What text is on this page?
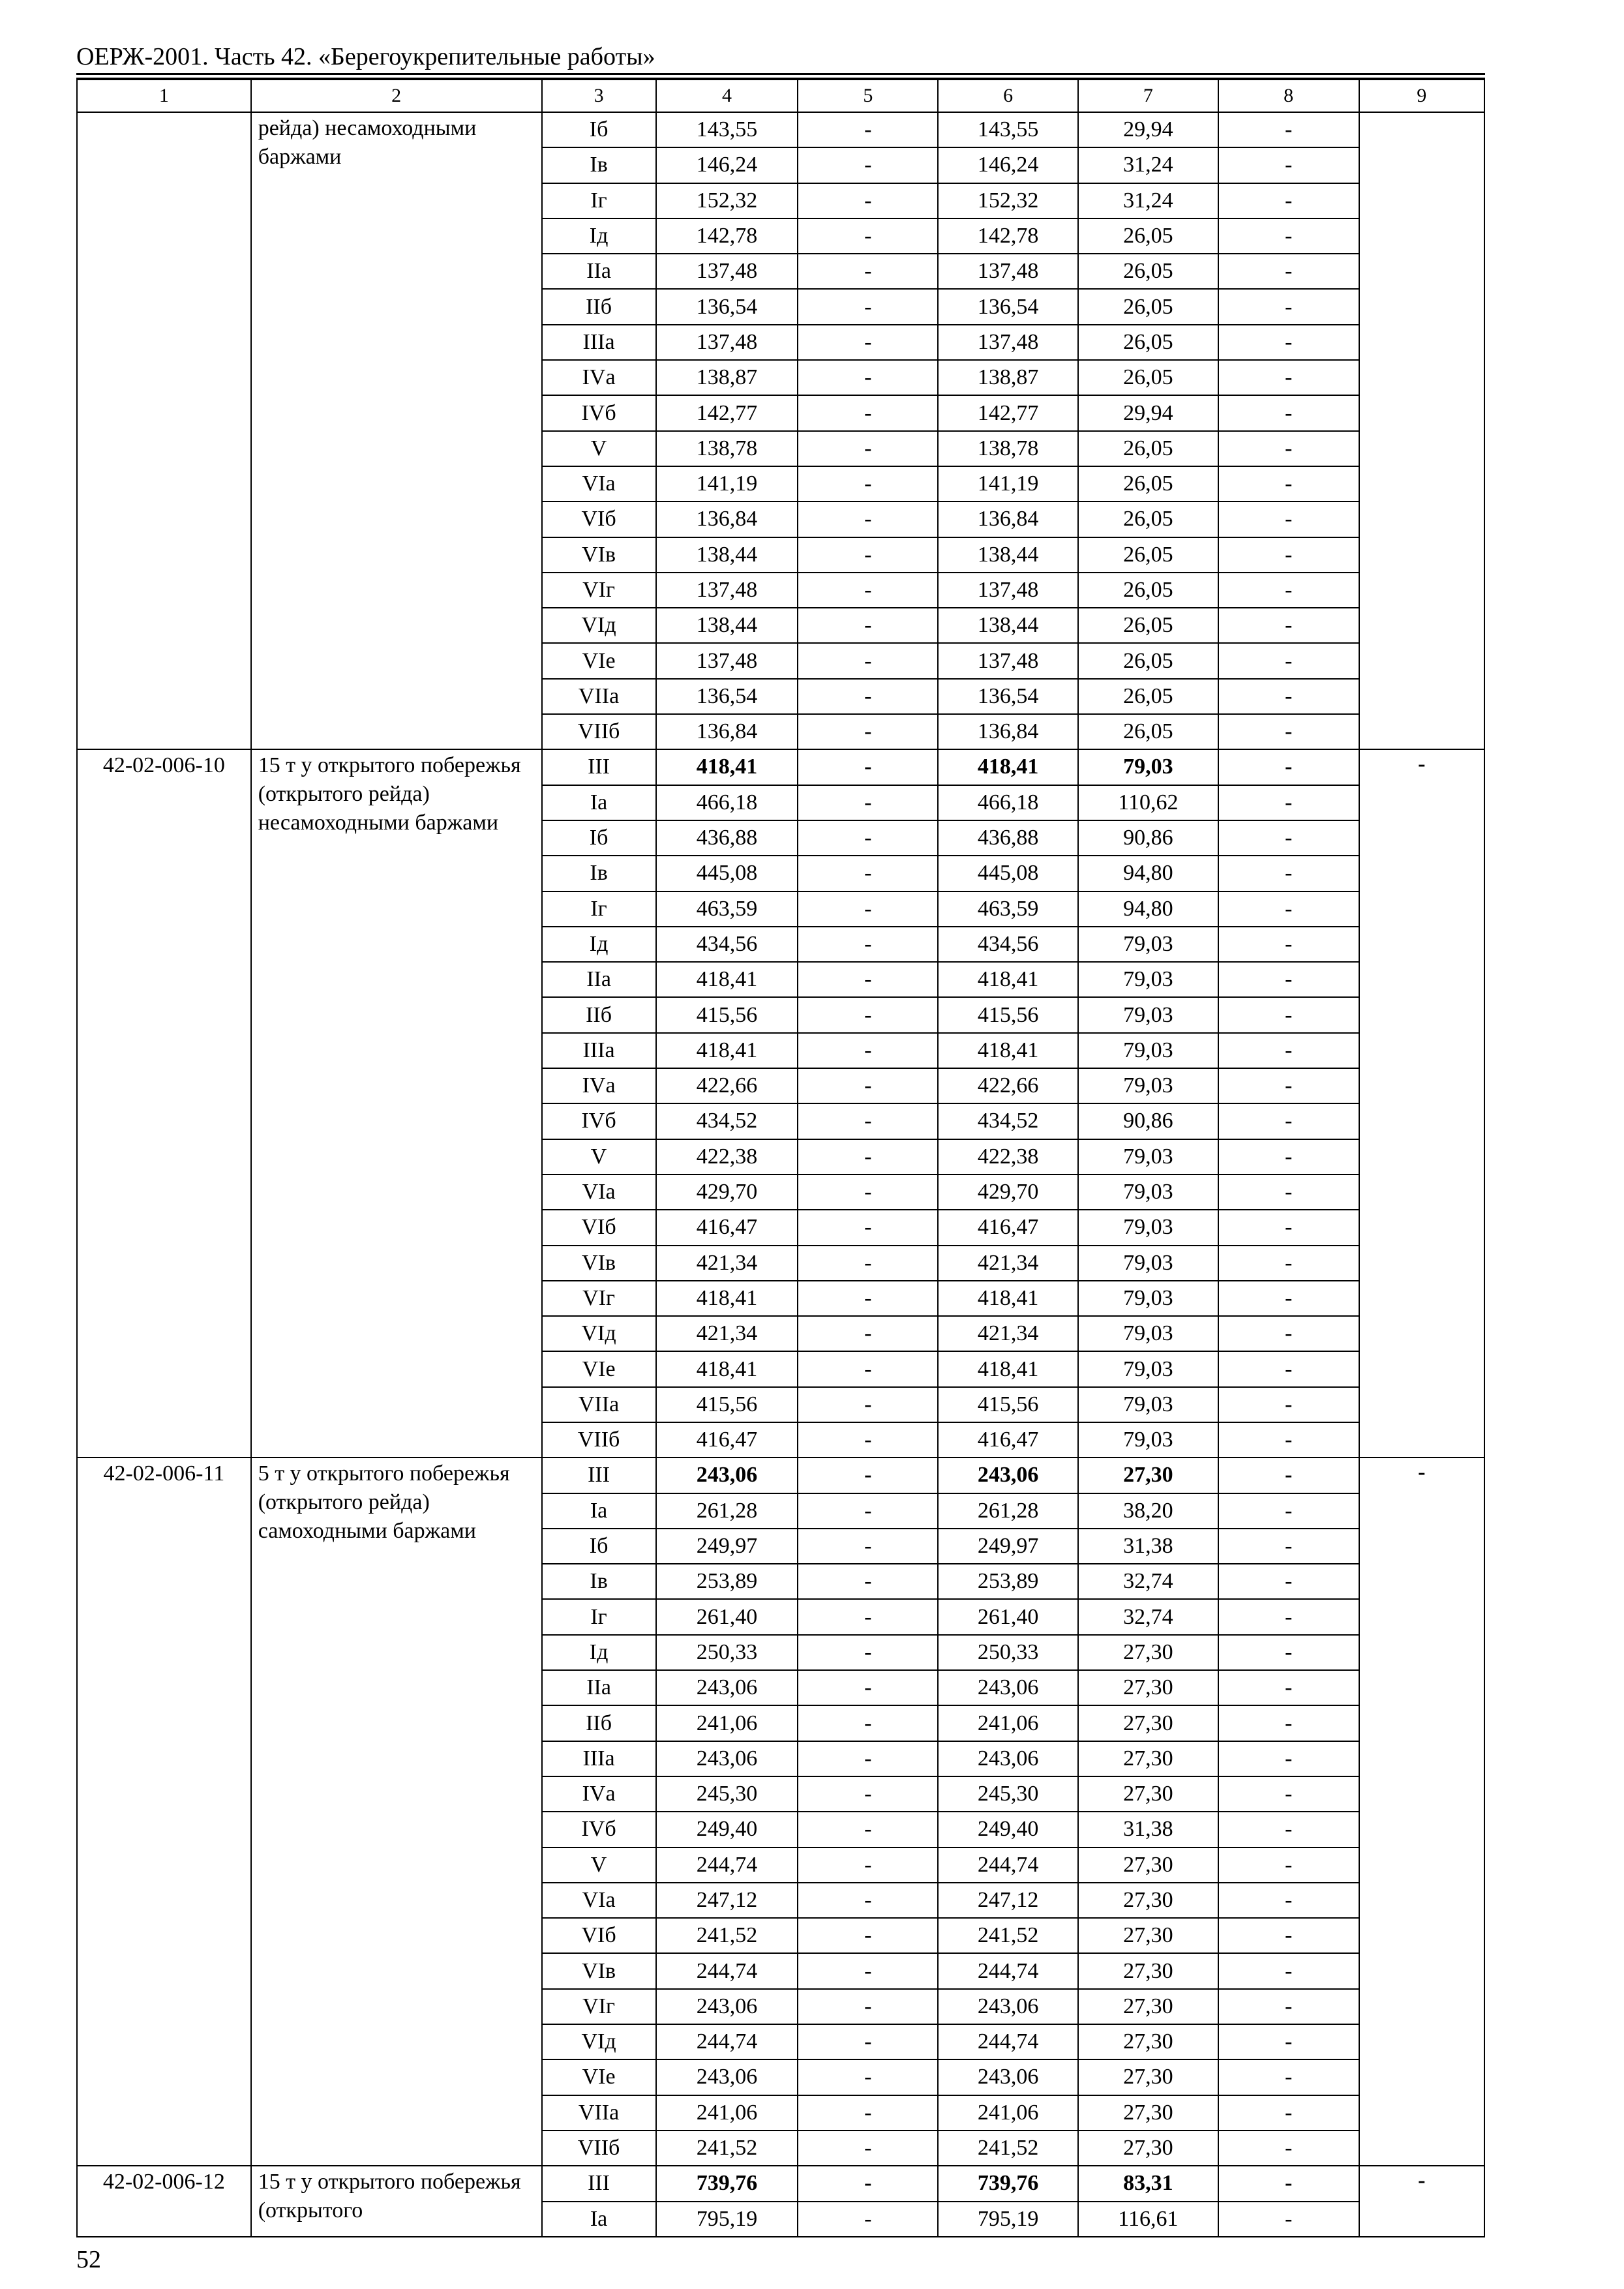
ОЕРЖ-2001. Часть 42. «Берегоукрепительные работы»
1	2	3	4	5	6	7	8	9
	рейда) несамоходными баржами	Iб	143,55	-	143,55	29,94	-	
		Iв	146,24	-	146,24	31,24	-	
		Iг	152,32	-	152,32	31,24	-	
		Iд	142,78	-	142,78	26,05	-	
		IIа	137,48	-	137,48	26,05	-	
		IIб	136,54	-	136,54	26,05	-	
		IIIа	137,48	-	137,48	26,05	-	
		IVа	138,87	-	138,87	26,05	-	
		IVб	142,77	-	142,77	29,94	-	
		V	138,78	-	138,78	26,05	-	
		VIа	141,19	-	141,19	26,05	-	
		VIб	136,84	-	136,84	26,05	-	
		VIв	138,44	-	138,44	26,05	-	
		VIг	137,48	-	137,48	26,05	-	
		VIд	138,44	-	138,44	26,05	-	
		VIе	137,48	-	137,48	26,05	-	
		VIIа	136,54	-	136,54	26,05	-	
		VIIб	136,84	-	136,84	26,05	-	
42-02-006-10	15 т у открытого побережья (открытого рейда) несамоходными баржами	III	418,41	-	418,41	79,03	-	-
		Iа	466,18	-	466,18	110,62	-	
		Iб	436,88	-	436,88	90,86	-	
		Iв	445,08	-	445,08	94,80	-	
		Iг	463,59	-	463,59	94,80	-	
		Iд	434,56	-	434,56	79,03	-	
		IIа	418,41	-	418,41	79,03	-	
		IIб	415,56	-	415,56	79,03	-	
		IIIа	418,41	-	418,41	79,03	-	
		IVа	422,66	-	422,66	79,03	-	
		IVб	434,52	-	434,52	90,86	-	
		V	422,38	-	422,38	79,03	-	
		VIа	429,70	-	429,70	79,03	-	
		VIб	416,47	-	416,47	79,03	-	
		VIв	421,34	-	421,34	79,03	-	
		VIг	418,41	-	418,41	79,03	-	
		VIд	421,34	-	421,34	79,03	-	
		VIе	418,41	-	418,41	79,03	-	
		VIIа	415,56	-	415,56	79,03	-	
		VIIб	416,47	-	416,47	79,03	-	
42-02-006-11	5 т у открытого побережья (открытого рейда) самоходными баржами	III	243,06	-	243,06	27,30	-	-
		Iа	261,28	-	261,28	38,20	-	
		Iб	249,97	-	249,97	31,38	-	
		Iв	253,89	-	253,89	32,74	-	
		Iг	261,40	-	261,40	32,74	-	
		Iд	250,33	-	250,33	27,30	-	
		IIа	243,06	-	243,06	27,30	-	
		IIб	241,06	-	241,06	27,30	-	
		IIIа	243,06	-	243,06	27,30	-	
		IVа	245,30	-	245,30	27,30	-	
		IVб	249,40	-	249,40	31,38	-	
		V	244,74	-	244,74	27,30	-	
		VIа	247,12	-	247,12	27,30	-	
		VIб	241,52	-	241,52	27,30	-	
		VIв	244,74	-	244,74	27,30	-	
		VIг	243,06	-	243,06	27,30	-	
		VIд	244,74	-	244,74	27,30	-	
		VIе	243,06	-	243,06	27,30	-	
		VIIа	241,06	-	241,06	27,30	-	
		VIIб	241,52	-	241,52	27,30	-	
42-02-006-12	15 т у открытого побережья (открытого	III	739,76	-	739,76	83,31	-	-
		Iа	795,19	-	795,19	116,61	-	
52
